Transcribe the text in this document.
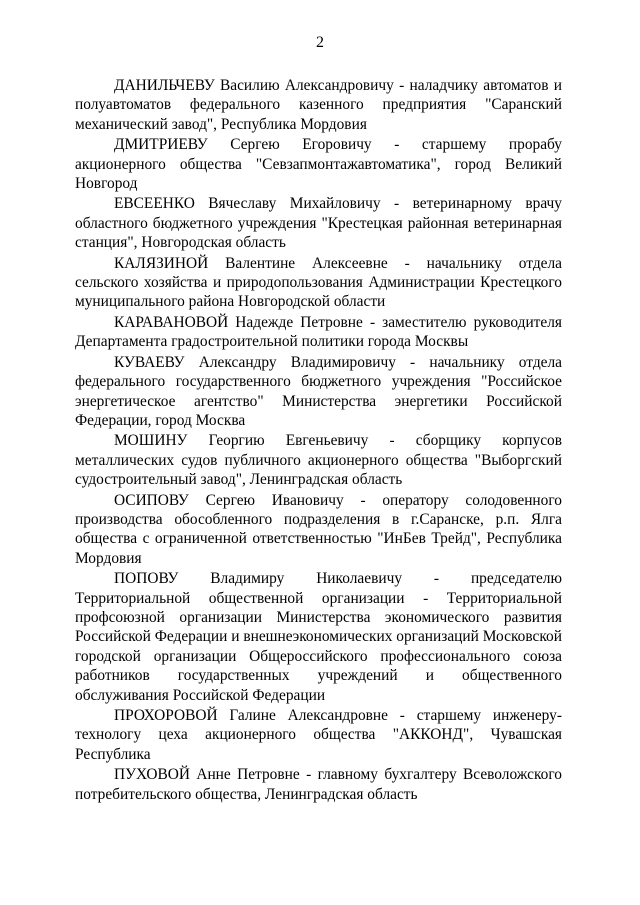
2

ДАНИЛЬЧЕВУ Василию Александровичу - наладчику автоматов и полуавтоматов федерального казенного предприятия "Саранский механический завод", Республика Мордовия

ДМИТРИЕВУ Сергею Егоровичу - старшему прорабу акционерного общества "Севзапмонтажавтоматика", город Великий Новгород

ЕВСЕЕНКО Вячеславу Михайловичу - ветеринарному врачу областного бюджетного учреждения "Крестецкая районная ветеринарная станция", Новгородская область

КАЛЯЗИНОЙ Валентине Алексеевне - начальнику отдела сельского хозяйства и природопользования Администрации Крестецкого муниципального района Новгородской области

КАРАВАНОВОЙ Надежде Петровне - заместителю руководителя Департамента градостроительной политики города Москвы

КУВАЕВУ Александру Владимировичу - начальнику отдела федерального государственного бюджетного учреждения "Российское энергетическое агентство" Министерства энергетики Российской Федерации, город Москва

МОШИНУ Георгию Евгеньевичу - сборщику корпусов металлических судов публичного акционерного общества "Выборгский судостроительный завод", Ленинградская область

ОСИПОВУ Сергею Ивановичу - оператору солодовенного производства обособленного подразделения в г.Саранске, р.п. Ялга общества с ограниченной ответственностью "ИнБев Трейд", Республика Мордовия

ПОПОВУ Владимиру Николаевичу - председателю Территориальной общественной организации - Территориальной профсоюзной организации Министерства экономического развития Российской Федерации и внешнеэкономических организаций Московской городской организации Общероссийского профессионального союза работников государственных учреждений и общественного обслуживания Российской Федерации

ПРОХОРОВОЙ Галине Александровне - старшему инженеру-технологу цеха акционерного общества "АККОНД", Чувашская Республика

ПУХОВОЙ Анне Петровне - главному бухгалтеру Всеволожского потребительского общества, Ленинградская область
